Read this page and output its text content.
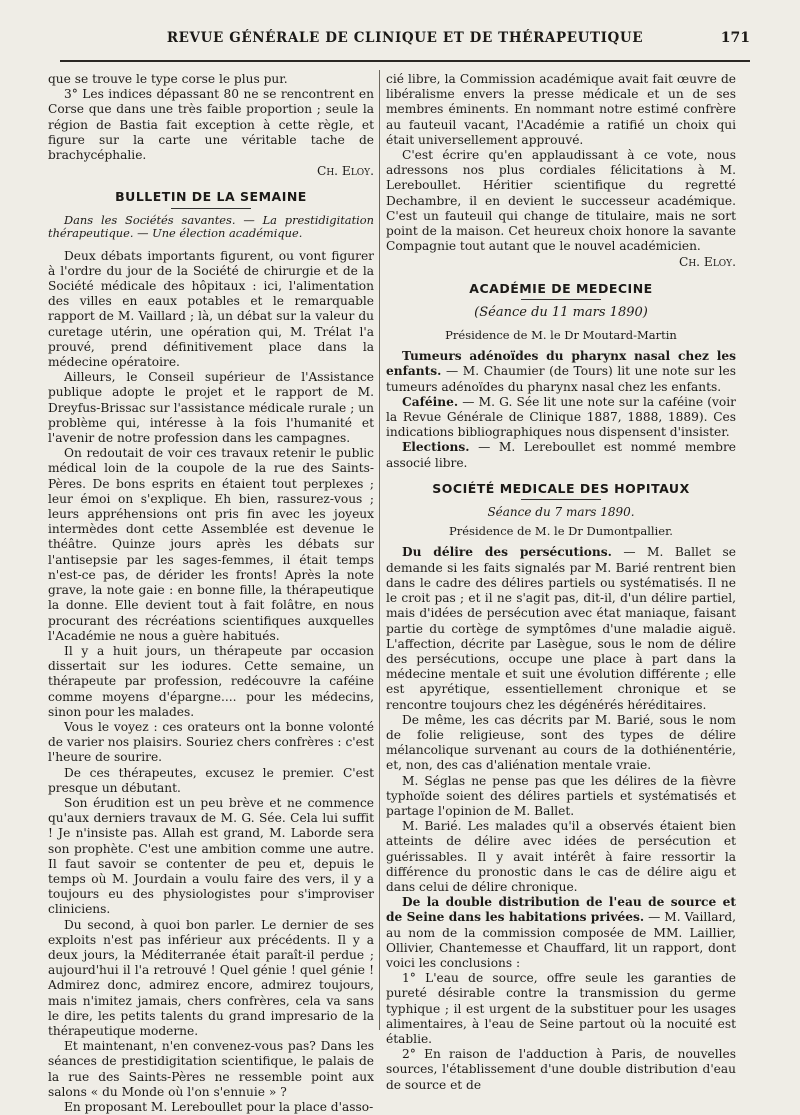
REVUE GÉNÉRALE DE CLINIQUE ET DE THÉRAPEUTIQUE	171

que se trouve le type corse le plus pur.

3° Les indices dépassant 80 ne se rencontrent en Corse que dans une très faible proportion ; seule la région de Bastia fait exception à cette règle, et figure sur la carte une véritable tache de brachycéphalie.

Ch. Eloy.

BULLETIN DE LA SEMAINE

Dans les Sociétés savantes. — La prestidigitation thérapeutique. — Une élection académique.

Deux débats importants figurent, ou vont figurer à l'ordre du jour de la Société de chirurgie et de la Société médicale des hôpitaux : ici, l'alimentation des villes en eaux potables et le remarquable rapport de M. Vaillard ; là, un débat sur la valeur du curetage utérin, une opération qui, M. Trélat l'a prouvé, prend définitivement place dans la médecine opératoire.

Ailleurs, le Conseil supérieur de l'Assistance publique adopte le projet et le rapport de M. Dreyfus-Brissac sur l'assistance médicale rurale ; un problème qui, intéresse à la fois l'humanité et l'avenir de notre profession dans les campagnes.

On redoutait de voir ces travaux retenir le public médical loin de la coupole de la rue des Saints-Pères. De bons esprits en étaient tout perplexes ; leur émoi on s'explique. Eh bien, rassurez-vous ; leurs appréhensions ont pris fin avec les joyeux intermèdes dont cette Assemblée est devenue le théâtre. Quinze jours après les débats sur l'antisepsie par les sages-femmes, il était temps n'est-ce pas, de dérider les fronts! Après la note grave, la note gaie : en bonne fille, la thérapeutique la donne. Elle devient tout à fait folâtre, en nous procurant des récréations scientifiques auxquelles l'Académie ne nous a guère habitués.

Il y a huit jours, un thérapeute par occasion dissertait sur les iodures. Cette semaine, un thérapeute par profession, redécouvre la caféine comme moyens d'épargne.... pour les médecins, sinon pour les malades.

Vous le voyez : ces orateurs ont la bonne volonté de varier nos plaisirs. Souriez chers confrères : c'est l'heure de sourire.

De ces thérapeutes, excusez le premier. C'est presque un débutant.

Son érudition est un peu brève et ne commence qu'aux derniers travaux de M. G. Sée. Cela lui suffit ! Je n'insiste pas. Allah est grand, M. Laborde sera son prophète. C'est une ambition comme une autre. Il faut savoir se contenter de peu et, depuis le temps où M. Jourdain a voulu faire des vers, il y a toujours eu des physiologistes pour s'improviser cliniciens.

Du second, à quoi bon parler. Le dernier de ses exploits n'est pas inférieur aux précédents. Il y a deux jours, la Méditerranée était paraît-il perdue ; aujourd'hui il l'a retrouvé ! Quel génie ! quel génie ! Admirez donc, admirez encore, admirez toujours, mais n'imitez jamais, chers confrères, cela va sans le dire, les petits talents du grand impresario de la thérapeutique moderne.

Et maintenant, n'en convenez-vous pas? Dans les séances de prestidigitation scientifique, le palais de la rue des Saints-Pères ne ressemble point aux salons « du Monde où l'on s'ennuie » ?

En proposant M. Lereboullet pour la place d'asso-

cié libre, la Commission académique avait fait œuvre de libéralisme envers la presse médicale et un de ses membres éminents. En nommant notre estimé confrère au fauteuil vacant, l'Académie a ratifié un choix qui était universellement approuvé.

C'est écrire qu'en applaudissant à ce vote, nous adressons nos plus cordiales félicitations à M. Lereboullet. Héritier scientifique du regretté Dechambre, il en devient le successeur académique. C'est un fauteuil qui change de titulaire, mais ne sort point de la maison. Cet heureux choix honore la savante Compagnie tout autant que le nouvel académicien.

Ch. Eloy.

ACADÉMIE DE MEDECINE

(Séance du 11 mars 1890)

Présidence de M. le Dr Moutard-Martin

Tumeurs adénoïdes du pharynx nasal chez les enfants. — M. Chaumier (de Tours) lit une note sur les tumeurs adénoïdes du pharynx nasal chez les enfants.

Caféine. — M. G. Sée lit une note sur la caféine (voir la Revue Générale de Clinique 1887, 1888, 1889). Ces indications bibliographiques nous dispensent d'insister.

Elections. — M. Lereboullet est nommé membre associé libre.

SOCIÉTÉ MEDICALE DES HOPITAUX

Séance du 7 mars 1890.

Présidence de M. le Dr Dumontpallier.

Du délire des persécutions. — M. Ballet se demande si les faits signalés par M. Barié rentrent bien dans le cadre des délires partiels ou systématisés. Il ne le croit pas ; et il ne s'agit pas, dit-il, d'un délire partiel, mais d'idées de persécution avec état maniaque, faisant partie du cortège de symptômes d'une maladie aiguë. L'affection, décrite par Lasègue, sous le nom de délire des persécutions, occupe une place à part dans la médecine mentale et suit une évolution différente ; elle est apyrétique, essentiellement chronique et se rencontre toujours chez les dégénérés héréditaires.

De même, les cas décrits par M. Barié, sous le nom de folie religieuse, sont des types de délire mélancolique survenant au cours de la dothiénentérie, et, non, des cas d'aliénation mentale vraie.

M. Séglas ne pense pas que les délires de la fièvre typhoïde soient des délires partiels et systématisés et partage l'opinion de M. Ballet.

M. Barié. Les malades qu'il a observés étaient bien atteints de délire avec idées de persécution et guérissables. Il y avait intérêt à faire ressortir la différence du pronostic dans le cas de délire aigu et dans celui de délire chronique.

De la double distribution de l'eau de source et de Seine dans les habitations privées. — M. Vaillard, au nom de la commission composée de MM. Laillier, Ollivier, Chantemesse et Chauffard, lit un rapport, dont voici les conclusions :

1° L'eau de source, offre seule les garanties de pureté désirable contre la transmission du germe typhique ; il est urgent de la substituer pour les usages alimentaires, à l'eau de Seine partout où la nocuité est établie.

2° En raison de l'adduction à Paris, de nouvelles sources, l'établissement d'une double distribution d'eau de source et de
